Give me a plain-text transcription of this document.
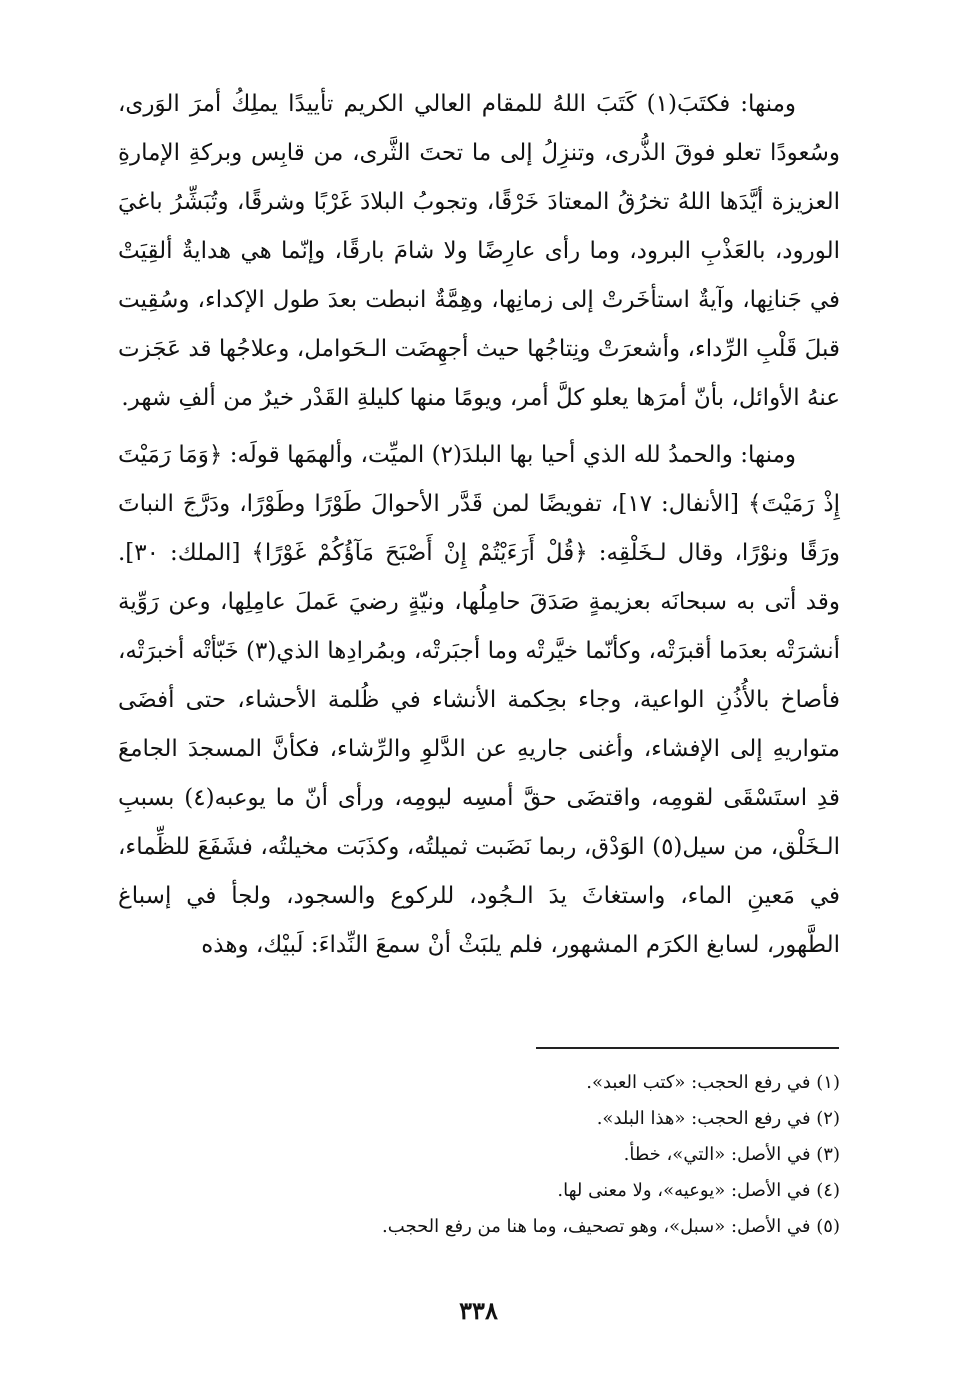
ومنها: فكتَبَ(١) كَتَبَ اللهُ للمقام العالي الكريم تأييدًا يملِكُ أمرَ الوَرى، وسُعودًا تعلو فوقَ الذُّرى، وتنزِلُ إلى ما تحتَ الثَّرى، من قابِس وبركةِ الإمارةِ العزيزة أيَّدَها اللهُ تخرُقُ المعتادَ خَرْقًا، وتجوبُ البلادَ غَرْبًا وشرقًا، وتُبَشِّرُ باغيَ الورود، بالعَذْبِ البرود، وما رأى عارِضًا ولا شامَ بارقًا، وإنّما هي هدايةٌ ألقِيَتْ في جَنانِها، وآيةٌ استأخَرتْ إلى زمانِها، وهِمَّةٌ انبطت بعدَ طول الإكداء، وسُقِيت قبلَ قَلْبِ الرِّداء، وأشعرَتْ ونِتاجُها حيث أجهِضَت الـحَوامل، وعلاجُها قد عَجَزت عنهُ الأوائل، بأنّ أمرَها يعلو كلَّ أمر، ويومًا منها كليلةِ القَدْر خيرٌ من ألفِ شهر.

ومنها: والحمدُ لله الذي أحيا بها البلدَ(٢) الميِّت، وألهمَها قولَه: ﴿وَمَا رَمَيْتَ إِذْ رَمَيْتَ﴾ [الأنفال: ١٧]، تفويضًا لمن قَدَّر الأحوالَ طَوْرًا وطَوْرًا، ودَرَّجَ النباتَ ورَقًا ونوْرًا، وقال لـخَلْقِه: ﴿قُلْ أَرَءَيْتُمْ إِنْ أَصْبَحَ مَآؤُكُمْ غَوْرًا﴾ [الملك: ٣٠]. وقد أتى به سبحانَه بعزيمةٍ صَدَقَ حامِلُها، ونيّةٍ رضيَ عَملَ عامِلِها، وعن رَوِّية أنشرَتْه بعدَما أقبرَتْه، وكأنّما خيَّرتْه وما أجبَرتْه، وبمُرادِها الذي(٣) خَبّأتْه أخبرَتْه، فأصاخ بالأُذُنِ الواعية، وجاء بحِكمة الأنشاء في ظُلمة الأحشاء، حتى أفضَى متواريهِ إلى الإفشاء، وأغنى جاريهِ عن الدَّلوِ والرِّشاء، فكأنَّ المسجدَ الجامعَ قدِ استَسْقَى لقومِه، واقتضَى حقَّ أمسِه ليومِه، ورأى أنّ ما يوعبه(٤) بسببِ الـخَلْق، من سيل(٥) الوَدْق، ربما نَضَبت ثميلتُه، وكذَبَت مخيلتُه، فشَفَعَ للظِّماء، في مَعينِ الماء، واستغاثَ يدَ الـجُود، للركوع والسجود، ولجأ في إسباغ الطَّهور، لسابغ الكرَم المشهور، فلم يلبَثْ أنْ سمعَ النِّداءَ: لَبيْك، وهذه

(١) في رفع الحجب: «كتب العبد».

(٢) في رفع الحجب: «هذا البلد».

(٣) في الأصل: «التي»، خطأ.

(٤) في الأصل: «يوعيه»، ولا معنى لها.

(٥) في الأصل: «سبل»، وهو تصحيف، وما هنا من رفع الحجب.

٣٣٨
